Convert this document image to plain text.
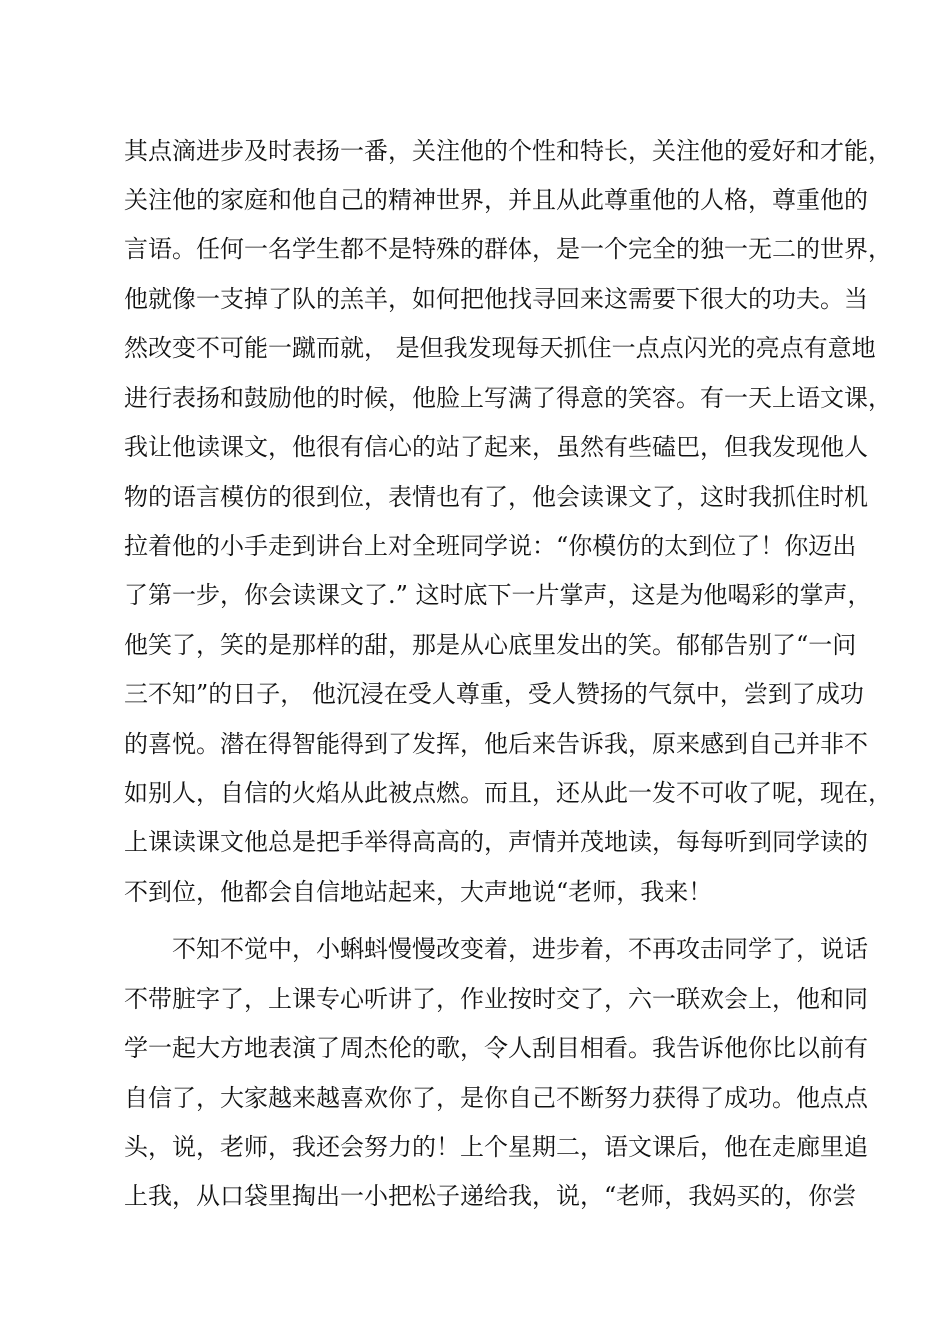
其点滴进步及时表扬一番，关注他的个性和特长，关注他的爱好和才能，
关注他的家庭和他自己的精神世界，并且从此尊重他的人格，尊重他的
言语。任何一名学生都不是特殊的群体，是一个完全的独一无二的世界，
他就像一支掉了队的羔羊，如何把他找寻回来这需要下很大的功夫。当
然改变不可能一蹴而就， 是但我发现每天抓住一点点闪光的亮点有意地
进行表扬和鼓励他的时候，他脸上写满了得意的笑容。有一天上语文课，
我让他读课文，他很有信心的站了起来，虽然有些磕巴，但我发现他人
物的语言模仿的很到位，表情也有了，他会读课文了，这时我抓住时机
拉着他的小手走到讲台上对全班同学说：“你模仿的太到位了！你迈出
了第一步，你会读课文了.” 这时底下一片掌声，这是为他喝彩的掌声，
他笑了，笑的是那样的甜，那是从心底里发出的笑。郁郁告别了“一问
三不知”的日子， 他沉浸在受人尊重，受人赞扬的气氛中，尝到了成功
的喜悦。潜在得智能得到了发挥，他后来告诉我，原来感到自己并非不
如别人，自信的火焰从此被点燃。而且，还从此一发不可收了呢，现在，
上课读课文他总是把手举得高高的，声情并茂地读，每每听到同学读的
不到位，他都会自信地站起来，大声地说“老师，我来！
不知不觉中，小蝌蚪慢慢改变着，进步着，不再攻击同学了，说话
不带脏字了，上课专心听讲了，作业按时交了，六一联欢会上，他和同
学一起大方地表演了周杰伦的歌，令人刮目相看。我告诉他你比以前有
自信了，大家越来越喜欢你了，是你自己不断努力获得了成功。他点点
头，说，老师，我还会努力的！上个星期二，语文课后，他在走廊里追
上我，从口袋里掏出一小把松子递给我，说，“老师，我妈买的，你尝
